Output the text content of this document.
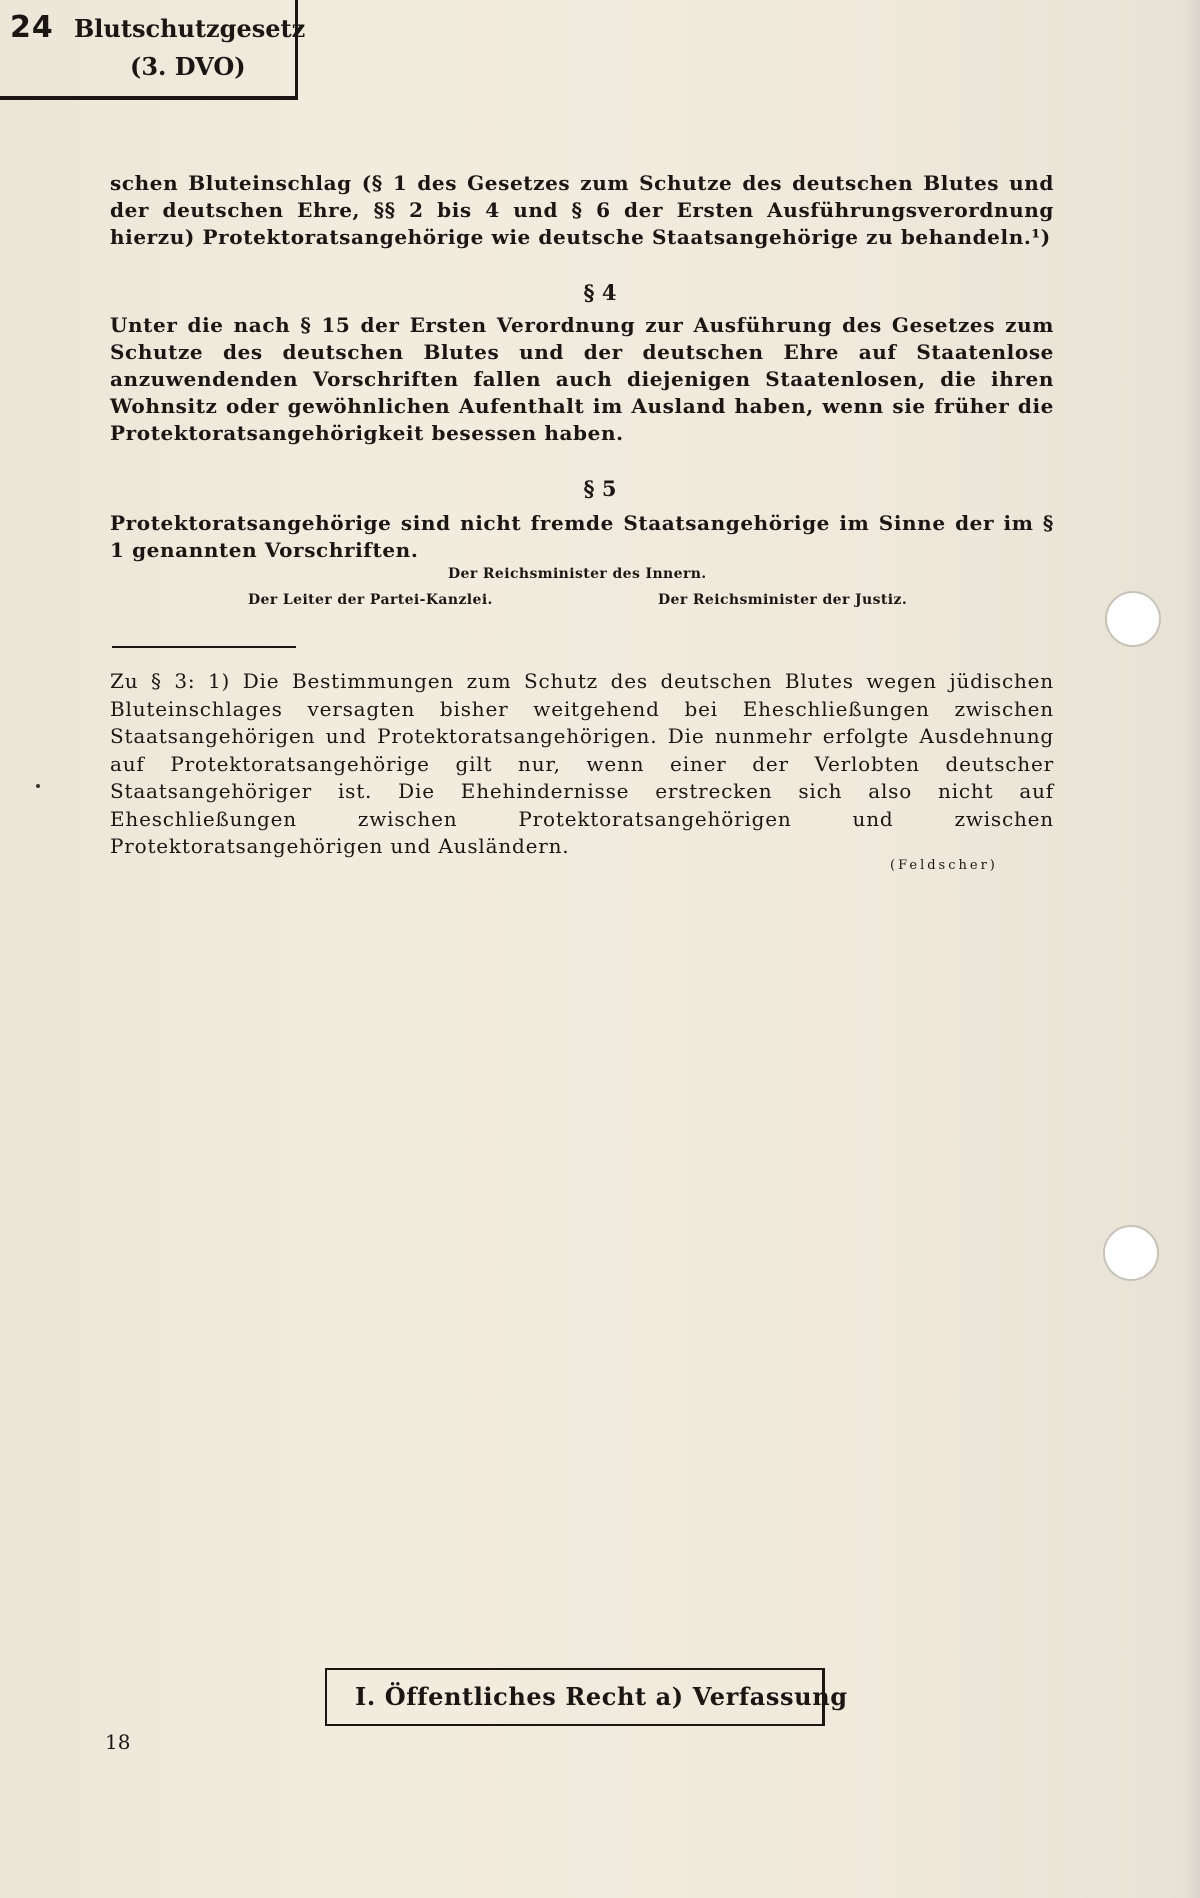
24 Blutschutzgesetz
(3. DVO)
schen Bluteinschlag (§ 1 des Gesetzes zum Schutze des deutschen Blutes und der deutschen Ehre, §§ 2 bis 4 und § 6 der Ersten Ausführungsverordnung hierzu) Protektoratsangehörige wie deutsche Staatsangehörige zu behandeln.¹)
§ 4
Unter die nach § 15 der Ersten Verordnung zur Ausführung des Gesetzes zum Schutze des deutschen Blutes und der deutschen Ehre auf Staatenlose anzuwendenden Vorschriften fallen auch diejenigen Staatenlosen, die ihren Wohnsitz oder gewöhnlichen Aufenthalt im Ausland haben, wenn sie früher die Protektoratsangehörigkeit besessen haben.
§ 5
Protektoratsangehörige sind nicht fremde Staatsangehörige im Sinne der im § 1 genannten Vorschriften.
Der Reichsminister des Innern.
Der Leiter der Partei-Kanzlei.	Der Reichsminister der Justiz.
Zu § 3: 1) Die Bestimmungen zum Schutz des deutschen Blutes wegen jüdischen Bluteinschlages versagten bisher weitgehend bei Eheschließungen zwischen Staatsangehörigen und Protektoratsangehörigen. Die nunmehr erfolgte Ausdehnung auf Protektoratsangehörige gilt nur, wenn einer der Verlobten deutscher Staatsangehöriger ist. Die Ehehindernisse erstrecken sich also nicht auf Eheschließungen zwischen Protektoratsangehörigen und zwischen Protektoratsangehörigen und Ausländern.
(Feldscher)
I. Öffentliches Recht a) Verfassung
18
